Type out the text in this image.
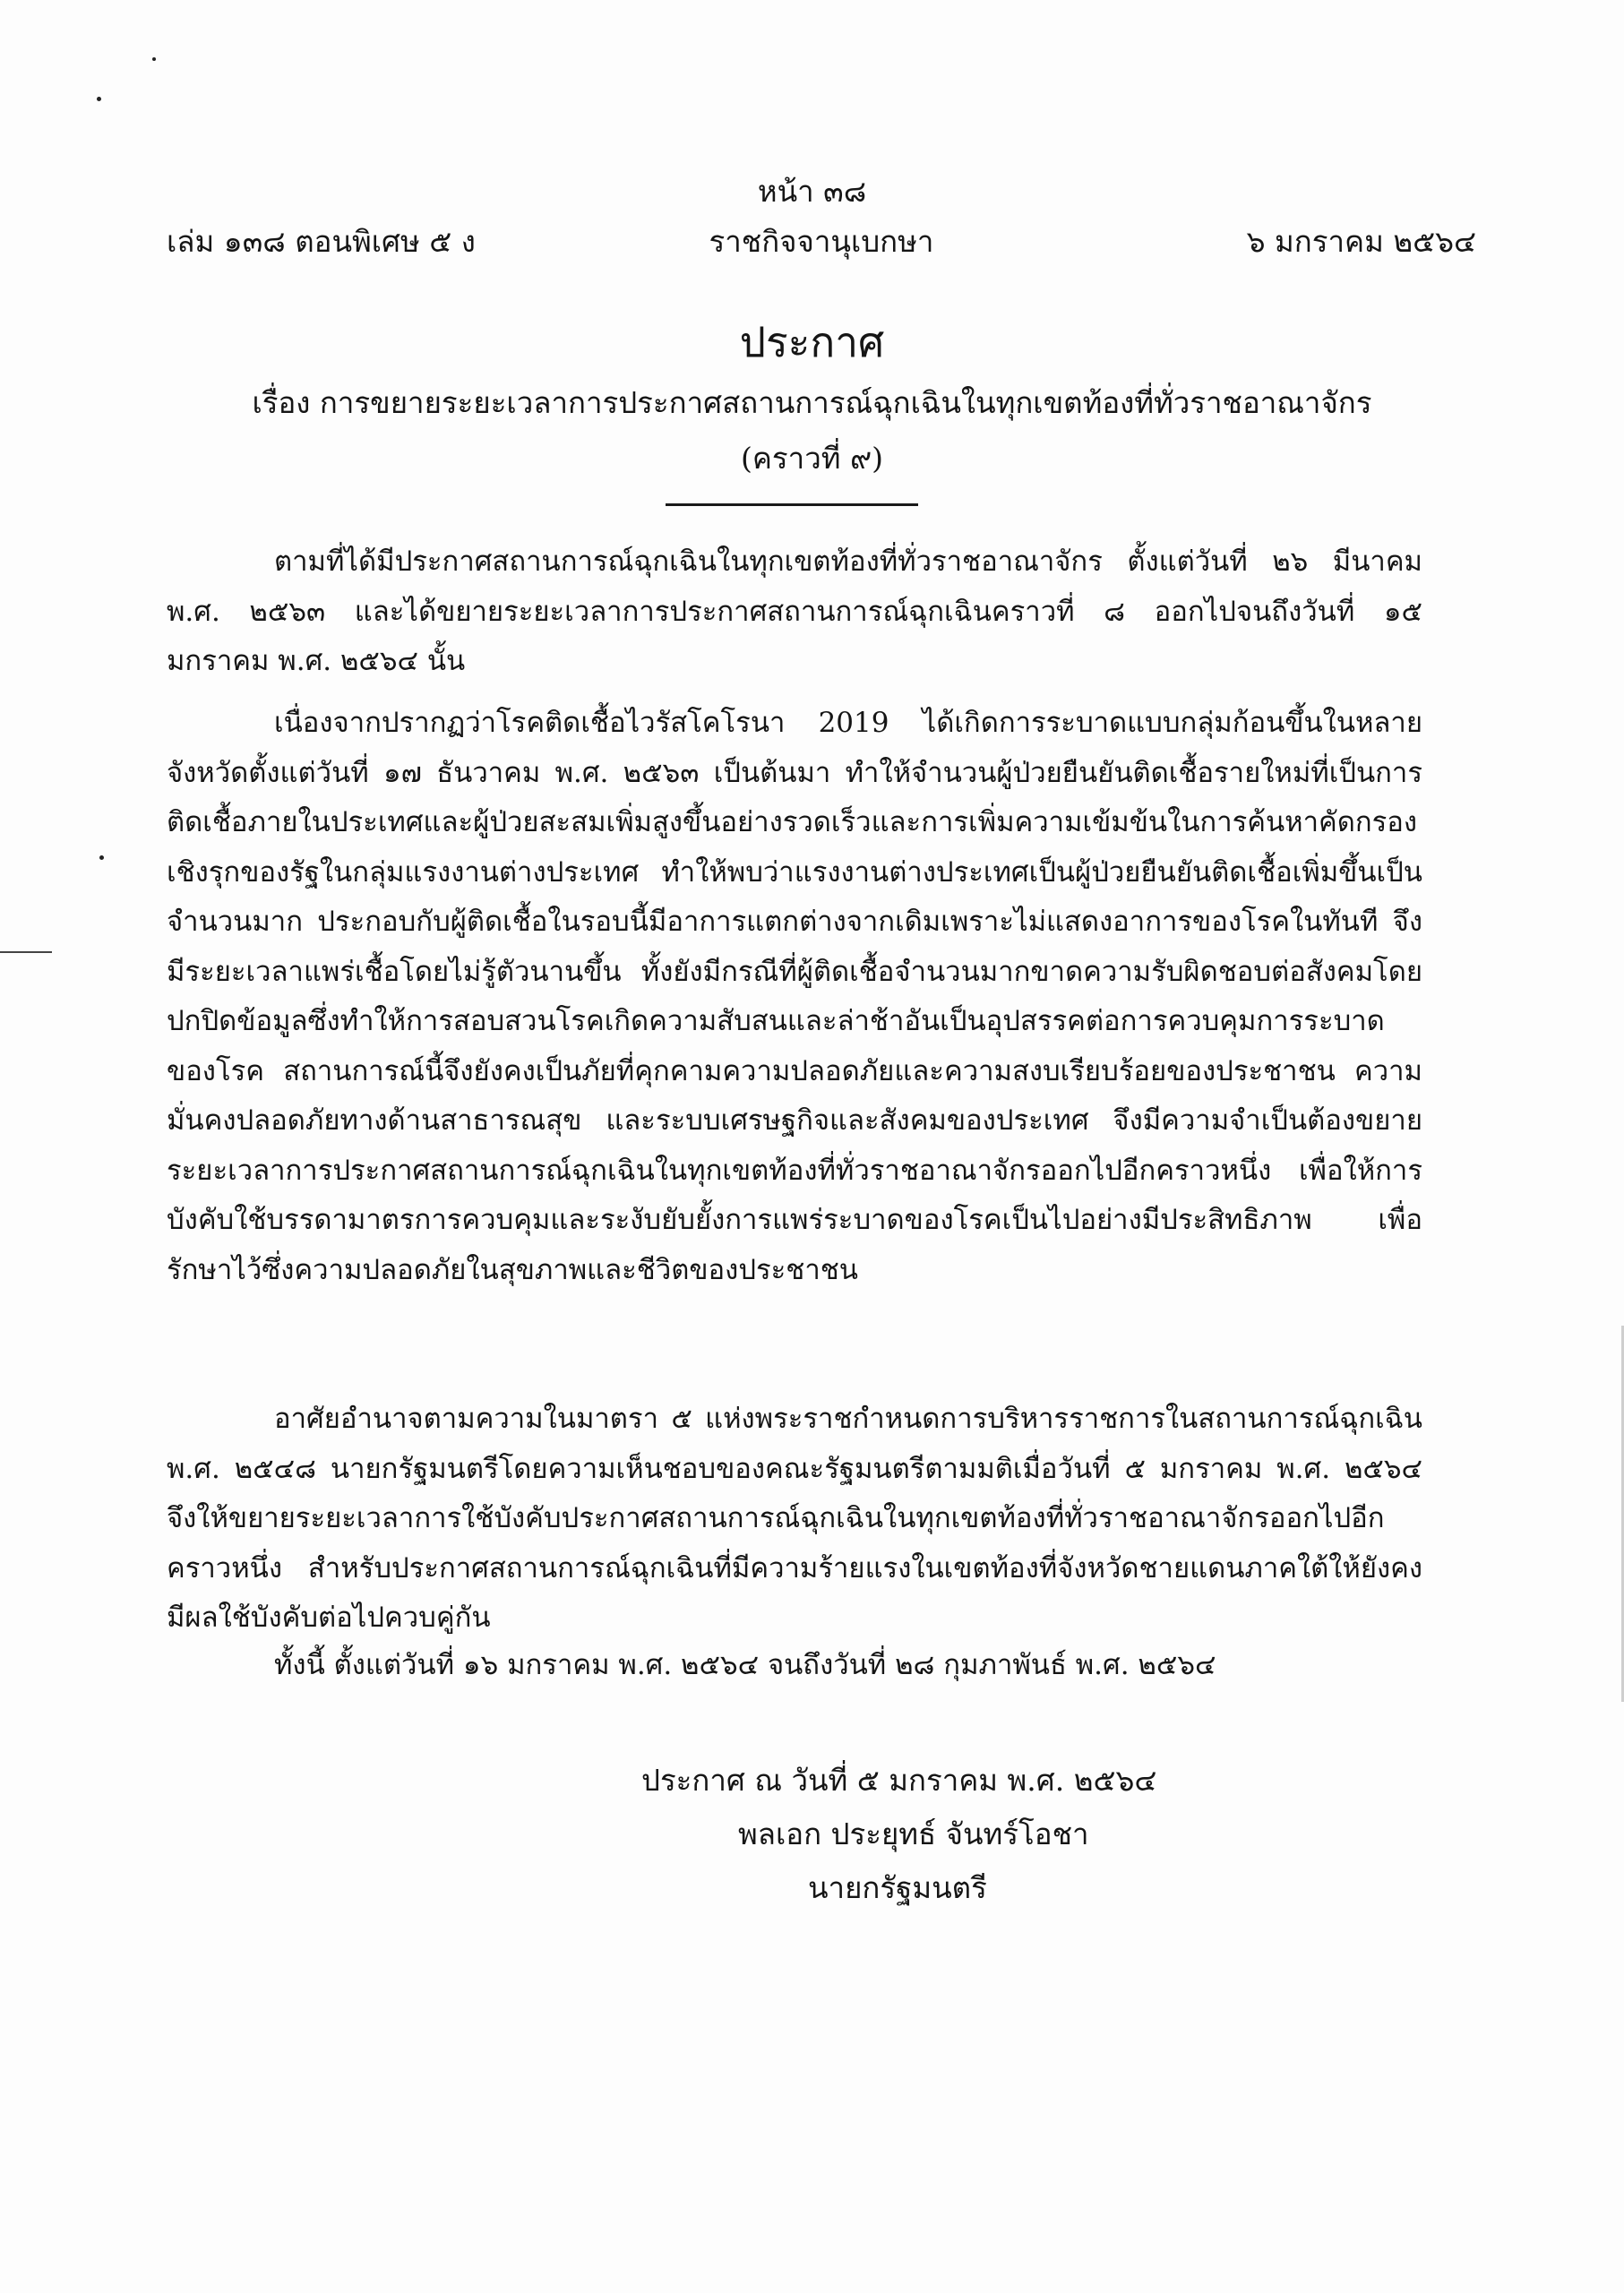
หน้า ๓๘
ราชกิจจานุเบกษา
เล่ม ๑๓๘ ตอนพิเศษ ๕ ง	๖ มกราคม ๒๕๖๔
ประกาศ
เรื่อง การขยายระยะเวลาการประกาศสถานการณ์ฉุกเฉินในทุกเขตท้องที่ทั่วราชอาณาจักร
(คราวที่ ๙)

ตามที่ได้มีประกาศสถานการณ์ฉุกเฉินในทุกเขตท้องที่ทั่วราชอาณาจักร ตั้งแต่วันที่ ๒๖ มีนาคม พ.ศ. ๒๕๖๓ และได้ขยายระยะเวลาการประกาศสถานการณ์ฉุกเฉินคราวที่ ๘ ออกไปจนถึงวันที่ ๑๕ มกราคม พ.ศ. ๒๕๖๔ นั้น

เนื่องจากปรากฏว่าโรคติดเชื้อไวรัสโคโรนา 2019 ได้เกิดการระบาดแบบกลุ่มก้อนขึ้นในหลายจังหวัดตั้งแต่วันที่ ๑๗ ธันวาคม พ.ศ. ๒๕๖๓ เป็นต้นมา ทำให้จำนวนผู้ป่วยยืนยันติดเชื้อรายใหม่ที่เป็นการติดเชื้อภายในประเทศและผู้ป่วยสะสมเพิ่มสูงขึ้นอย่างรวดเร็วและการเพิ่มความเข้มข้นในการค้นหาคัดกรองเชิงรุกของรัฐในกลุ่มแรงงานต่างประเทศ ทำให้พบว่าแรงงานต่างประเทศเป็นผู้ป่วยยืนยันติดเชื้อเพิ่มขึ้นเป็นจำนวนมาก ประกอบกับผู้ติดเชื้อในรอบนี้มีอาการแตกต่างจากเดิมเพราะไม่แสดงอาการของโรคในทันที จึงมีระยะเวลาแพร่เชื้อโดยไม่รู้ตัวนานขึ้น ทั้งยังมีกรณีที่ผู้ติดเชื้อจำนวนมากขาดความรับผิดชอบต่อสังคมโดยปกปิดข้อมูลซึ่งทำให้การสอบสวนโรคเกิดความสับสนและล่าช้าอันเป็นอุปสรรคต่อการควบคุมการระบาดของโรค สถานการณ์นี้จึงยังคงเป็นภัยที่คุกคามความปลอดภัยและความสงบเรียบร้อยของประชาชน ความมั่นคงปลอดภัยทางด้านสาธารณสุข และระบบเศรษฐกิจและสังคมของประเทศ จึงมีความจำเป็นต้องขยายระยะเวลาการประกาศสถานการณ์ฉุกเฉินในทุกเขตท้องที่ทั่วราชอาณาจักรออกไปอีกคราวหนึ่ง เพื่อให้การบังคับใช้บรรดามาตรการควบคุมและระงับยับยั้งการแพร่ระบาดของโรคเป็นไปอย่างมีประสิทธิภาพ เพื่อรักษาไว้ซึ่งความปลอดภัยในสุขภาพและชีวิตของประชาชน

อาศัยอำนาจตามความในมาตรา ๕ แห่งพระราชกำหนดการบริหารราชการในสถานการณ์ฉุกเฉิน พ.ศ. ๒๕๔๘ นายกรัฐมนตรีโดยความเห็นชอบของคณะรัฐมนตรีตามมติเมื่อวันที่ ๕ มกราคม พ.ศ. ๒๕๖๔ จึงให้ขยายระยะเวลาการใช้บังคับประกาศสถานการณ์ฉุกเฉินในทุกเขตท้องที่ทั่วราชอาณาจักรออกไปอีกคราวหนึ่ง สำหรับประกาศสถานการณ์ฉุกเฉินที่มีความร้ายแรงในเขตท้องที่จังหวัดชายแดนภาคใต้ให้ยังคงมีผลใช้บังคับต่อไปควบคู่กัน

ทั้งนี้ ตั้งแต่วันที่ ๑๖ มกราคม พ.ศ. ๒๕๖๔ จนถึงวันที่ ๒๘ กุมภาพันธ์ พ.ศ. ๒๕๖๔

ประกาศ ณ วันที่ ๕ มกราคม พ.ศ. ๒๕๖๔
พลเอก ประยุทธ์ จันทร์โอชา
นายกรัฐมนตรี
